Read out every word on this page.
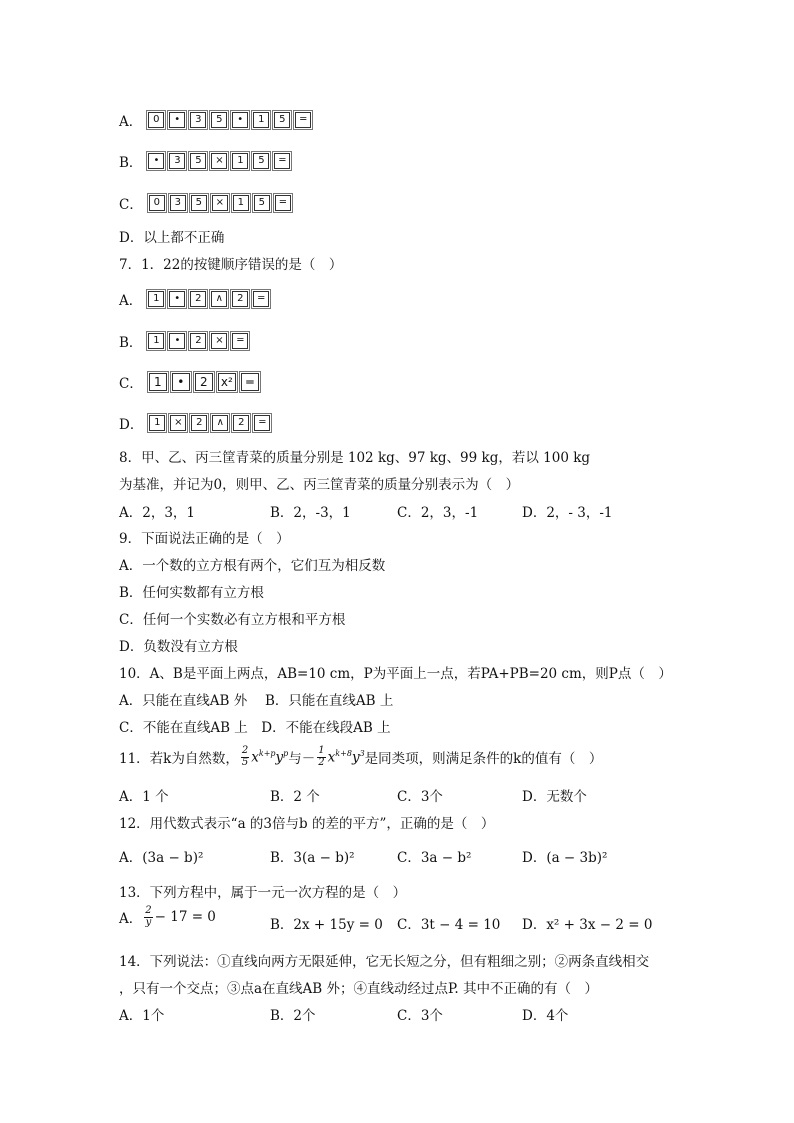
A．	0	•	3	5	•	1	5	═
B．	•	3	5	×	1	5	═
C．	0	3	5	×	1	5	═
D．以上都不正确
7．1．22的按键顺序错误的是（　）
A．	1	•	2	∧	2	═
B．	1	•	2	×	═
C． 1	•	2	x²	═
D．	1	×	2	∧	2	═
8．甲、乙、丙三筐青菜的质量分别是 102 kg、97 kg、99 kg，若以 100 kg
为基准，并记为0，则甲、乙、丙三筐青菜的质量分别表示为（　）
A．2，3，1	B．2，-3，1	C．2，3，-1	D．2，- 3，-1
9．下面说法正确的是（　）
A．一个数的立方根有两个，它们互为相反数
B．任何实数都有立方根
C．任何一个实数必有立方根和平方根
D．负数没有立方根
10．A、B是平面上两点，AB=10 cm，P为平面上一点，若PA+PB=20 cm，则P点（　）
A．只能在直线AB 外　 B．只能在直线AB 上
C．不能在直线AB 上　D．不能在线段AB 上
11．若k为自然数， $\frac{2}{5} x^{k+p}y^p$ 与－ $\frac{1}{2} x^{k+8}y^3$ 是同类项，则满足条件的k的值有（　）
A．1 个	B．2 个	C．3个	D．无数个
12．用代数式表示“a 的3倍与b 的差的平方”，正确的是（　）
A．(3a − b)²	B．3(a − b)²	C．3a − b²	D．(a − 3b)²
13．下列方程中，属于一元一次方程的是（　）
A． $\frac{2}{y} - 17 = 0$	B．2x + 15y = 0 C．3t − 4 = 10 D．x² + 3x − 2 = 0
14．下列说法：①直线向两方无限延伸，它无长短之分，但有粗细之别；②两条直线相交
，只有一个交点；③点a在直线AB 外；④直线动经过点P. 其中不正确的有（　）
A．1个	B．2个	C．3个	D．4个
